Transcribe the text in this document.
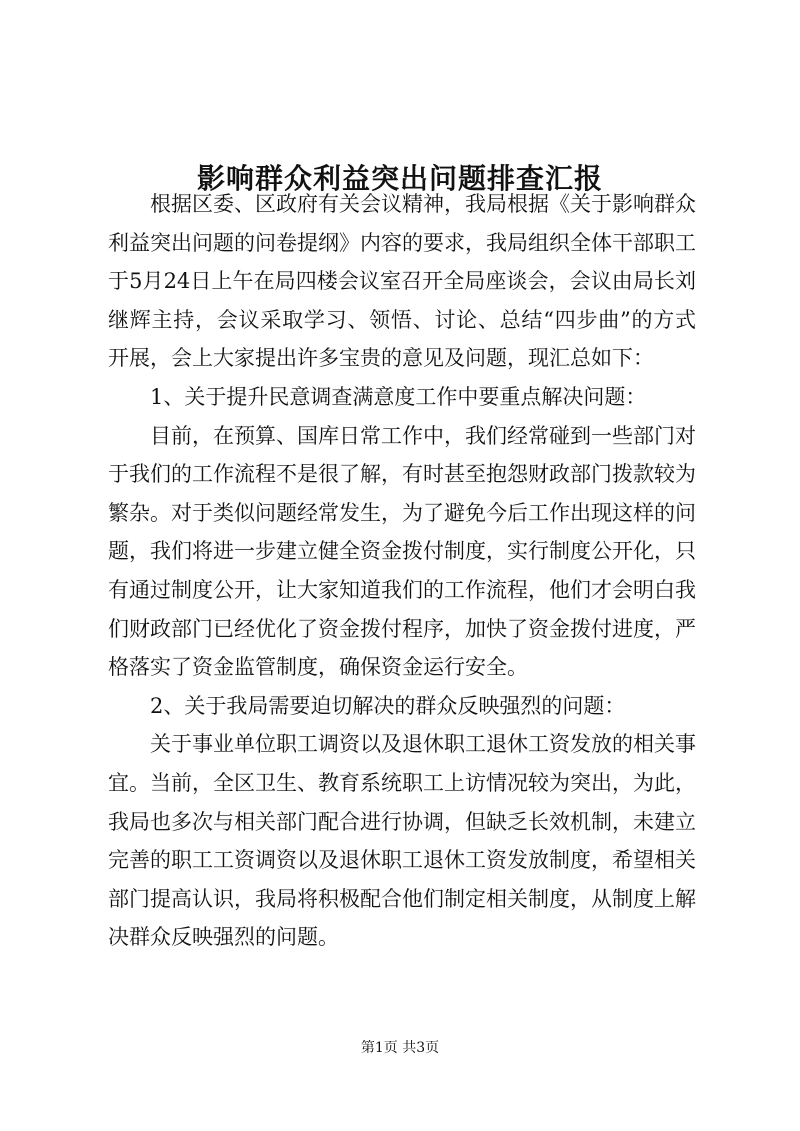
影响群众利益突出问题排查汇报

根据区委、区政府有关会议精神，我局根据《关于影响群众利益突出问题的问卷提纲》内容的要求，我局组织全体干部职工于5月24日上午在局四楼会议室召开全局座谈会，会议由局长刘继辉主持，会议采取学习、领悟、讨论、总结“四步曲”的方式开展，会上大家提出许多宝贵的意见及问题，现汇总如下：

1、关于提升民意调查满意度工作中要重点解决问题：

目前，在预算、国库日常工作中，我们经常碰到一些部门对于我们的工作流程不是很了解，有时甚至抱怨财政部门拨款较为繁杂。对于类似问题经常发生，为了避免今后工作出现这样的问题，我们将进一步建立健全资金拨付制度，实行制度公开化，只有通过制度公开，让大家知道我们的工作流程，他们才会明白我们财政部门已经优化了资金拨付程序，加快了资金拨付进度，严格落实了资金监管制度，确保资金运行安全。

2、关于我局需要迫切解决的群众反映强烈的问题：

关于事业单位职工调资以及退休职工退休工资发放的相关事宜。当前，全区卫生、教育系统职工上访情况较为突出，为此，我局也多次与相关部门配合进行协调，但缺乏长效机制，未建立完善的职工工资调资以及退休职工退休工资发放制度，希望相关部门提高认识，我局将积极配合他们制定相关制度，从制度上解决群众反映强烈的问题。

第1页 共3页
